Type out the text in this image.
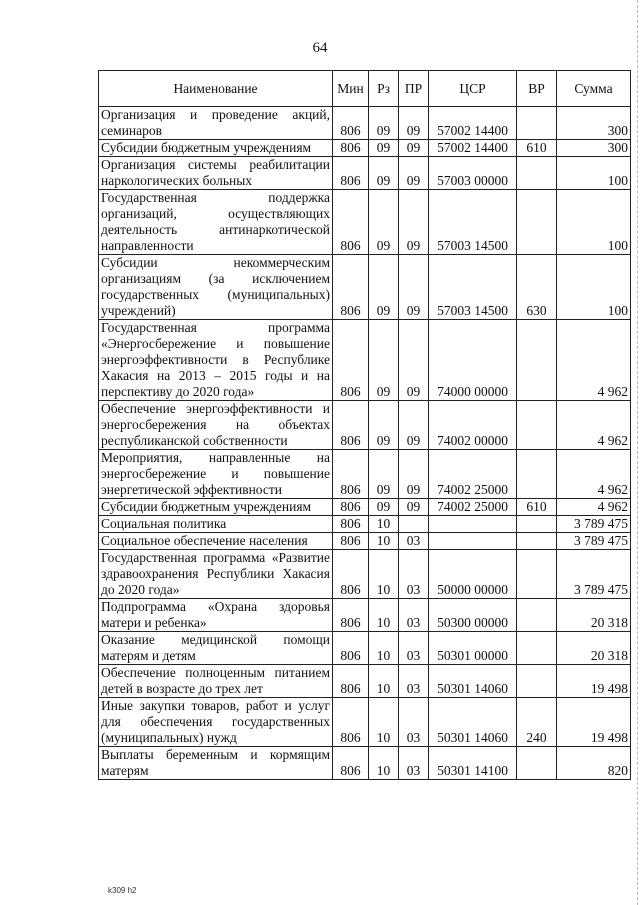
64
Наименование	Мин	Рз	ПР	ЦСР	ВР	Сумма
Организация и проведение акций, семинаров	806	09	09	57002 14400		300
Субсидии бюджетным учреждениям	806	09	09	57002 14400	610	300
Организация системы реабилитации наркологических больных	806	09	09	57003 00000		100
Государственная поддержка организаций, осуществляющих деятельность антинаркотической направленности	806	09	09	57003 14500		100
Субсидии некоммерческим организациям (за исключением государственных (муниципальных) учреждений)	806	09	09	57003 14500	630	100
Государственная программа «Энергосбережение и повышение энергоэффективности в Республике Хакасия на 2013 – 2015 годы и на перспективу до 2020 года»	806	09	09	74000 00000		4 962
Обеспечение энергоэффективности и энергосбережения на объектах республиканской собственности	806	09	09	74002 00000		4 962
Мероприятия, направленные на энергосбережение и повышение энергетической эффективности	806	09	09	74002 25000		4 962
Субсидии бюджетным учреждениям	806	09	09	74002 25000	610	4 962
Социальная политика	806	10				3 789 475
Социальное обеспечение населения	806	10	03			3 789 475
Государственная программа «Развитие здравоохранения Республики Хакасия до 2020 года»	806	10	03	50000 00000		3 789 475
Подпрограмма «Охрана здоровья матери и ребенка»	806	10	03	50300 00000		20 318
Оказание медицинской помощи матерям и детям	806	10	03	50301 00000		20 318
Обеспечение полноценным питанием детей в возрасте до трех лет	806	10	03	50301 14060		19 498
Иные закупки товаров, работ и услуг для обеспечения государственных (муниципальных) нужд	806	10	03	50301 14060	240	19 498
Выплаты беременным и кормящим матерям	806	10	03	50301 14100		820
k309 h2
